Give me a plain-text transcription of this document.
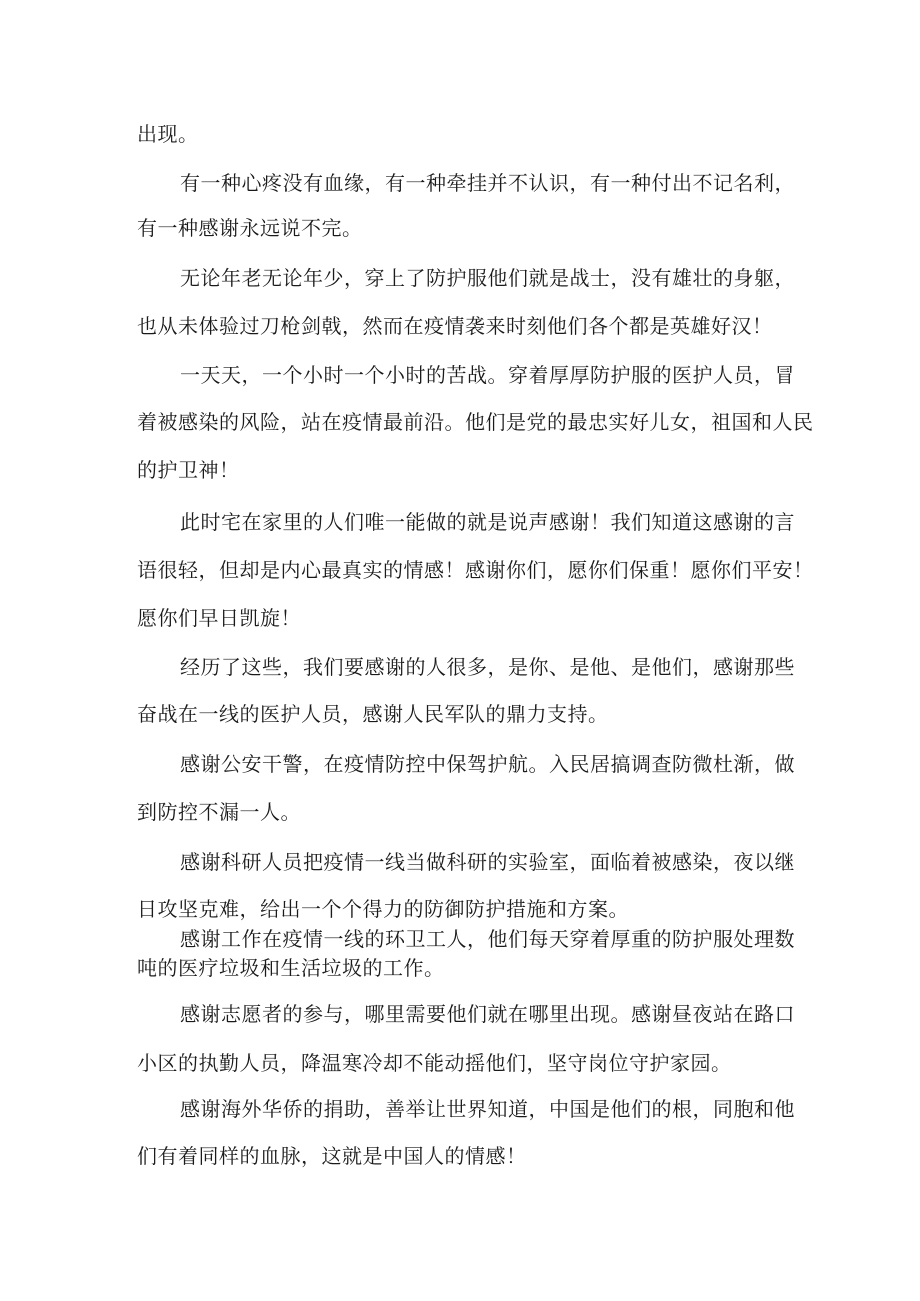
出现。
有一种心疼没有血缘，有一种牵挂并不认识，有一种付出不记名利，
有一种感谢永远说不完。
无论年老无论年少，穿上了防护服他们就是战士，没有雄壮的身躯，
也从未体验过刀枪剑戟，然而在疫情袭来时刻他们各个都是英雄好汉！
一天天，一个小时一个小时的苦战。穿着厚厚防护服的医护人员，冒
着被感染的风险，站在疫情最前沿。他们是党的最忠实好儿女，祖国和人民
的护卫神！
此时宅在家里的人们唯一能做的就是说声感谢！我们知道这感谢的言
语很轻，但却是内心最真实的情感！感谢你们，愿你们保重！愿你们平安！
愿你们早日凯旋！
经历了这些，我们要感谢的人很多，是你、是他、是他们，感谢那些
奋战在一线的医护人员，感谢人民军队的鼎力支持。
感谢公安干警，在疫情防控中保驾护航。入民居搞调查防微杜渐，做
到防控不漏一人。
感谢科研人员把疫情一线当做科研的实验室，面临着被感染，夜以继
日攻坚克难，给出一个个得力的防御防护措施和方案。
感谢工作在疫情一线的环卫工人，他们每天穿着厚重的防护服处理数
吨的医疗垃圾和生活垃圾的工作。
感谢志愿者的参与，哪里需要他们就在哪里出现。感谢昼夜站在路口
小区的执勤人员，降温寒冷却不能动摇他们，坚守岗位守护家园。
感谢海外华侨的捐助，善举让世界知道，中国是他们的根，同胞和他
们有着同样的血脉，这就是中国人的情感！
